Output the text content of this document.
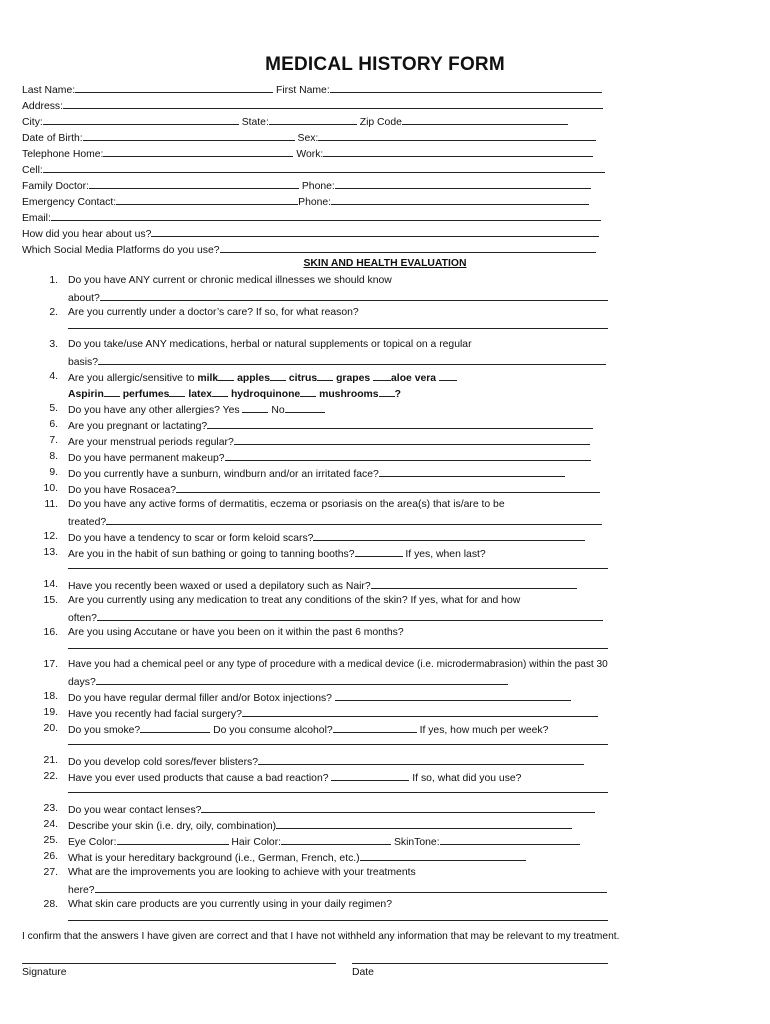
MEDICAL HISTORY FORM
Last Name:	First Name:
Address:
City:	State:	Zip Code
Date of Birth:	Sex:
Telephone Home:	Work:
Cell:
Family Doctor:	Phone:
Emergency Contact:	Phone:
Email:
How did you hear about us?
Which Social Media Platforms do you use?
SKIN AND HEALTH EVALUATION
1. Do you have ANY current or chronic medical illnesses we should know
about?
2. Are you currently under a doctor’s care? If so, for what reason?
3. Do you take/use ANY medications, herbal or natural supplements or topical on a regular
basis?
4. Are you allergic/sensitive to milk apples citrus grapes aloe vera
Aspirin perfumes latex hydroquinone mushrooms ?
5. Do you have any other allergies? Yes	No
6. Are you pregnant or lactating?
7. Are your menstrual periods regular?
8. Do you have permanent makeup?
9. Do you currently have a sunburn, windburn and/or an irritated face?
10. Do you have Rosacea?
11. Do you have any active forms of dermatitis, eczema or psoriasis on the area(s) that is/are to be
treated?
12. Do you have a tendency to scar or form keloid scars?
13. Are you in the habit of sun bathing or going to tanning booths?	If yes, when last?
14. Have you recently been waxed or used a depilatory such as Nair?
15. Are you currently using any medication to treat any conditions of the skin? If yes, what for and how
often?
16. Are you using Accutane or have you been on it within the past 6 months?
17. Have you had a chemical peel or any type of procedure with a medical device (i.e. microdermabrasion) within the past 30
days?
18. Do you have regular dermal filler and/or Botox injections?
19. Have you recently had facial surgery?
20. Do you smoke?	Do you consume alcohol?	If yes, how much per week?
21. Do you develop cold sores/fever blisters?
22. Have you ever used products that cause a bad reaction?	If so, what did you use?
23. Do you wear contact lenses?
24. Describe your skin (i.e. dry, oily, combination)
25. Eye Color:	Hair Color:	SkinTone:
26. What is your hereditary background (i.e., German, French, etc.)
27. What are the improvements you are looking to achieve with your treatments
here?
28. What skin care products are you currently using in your daily regimen?
I confirm that the answers I have given are correct and that I have not withheld any information that may be relevant to my treatment.
Signature	Date
